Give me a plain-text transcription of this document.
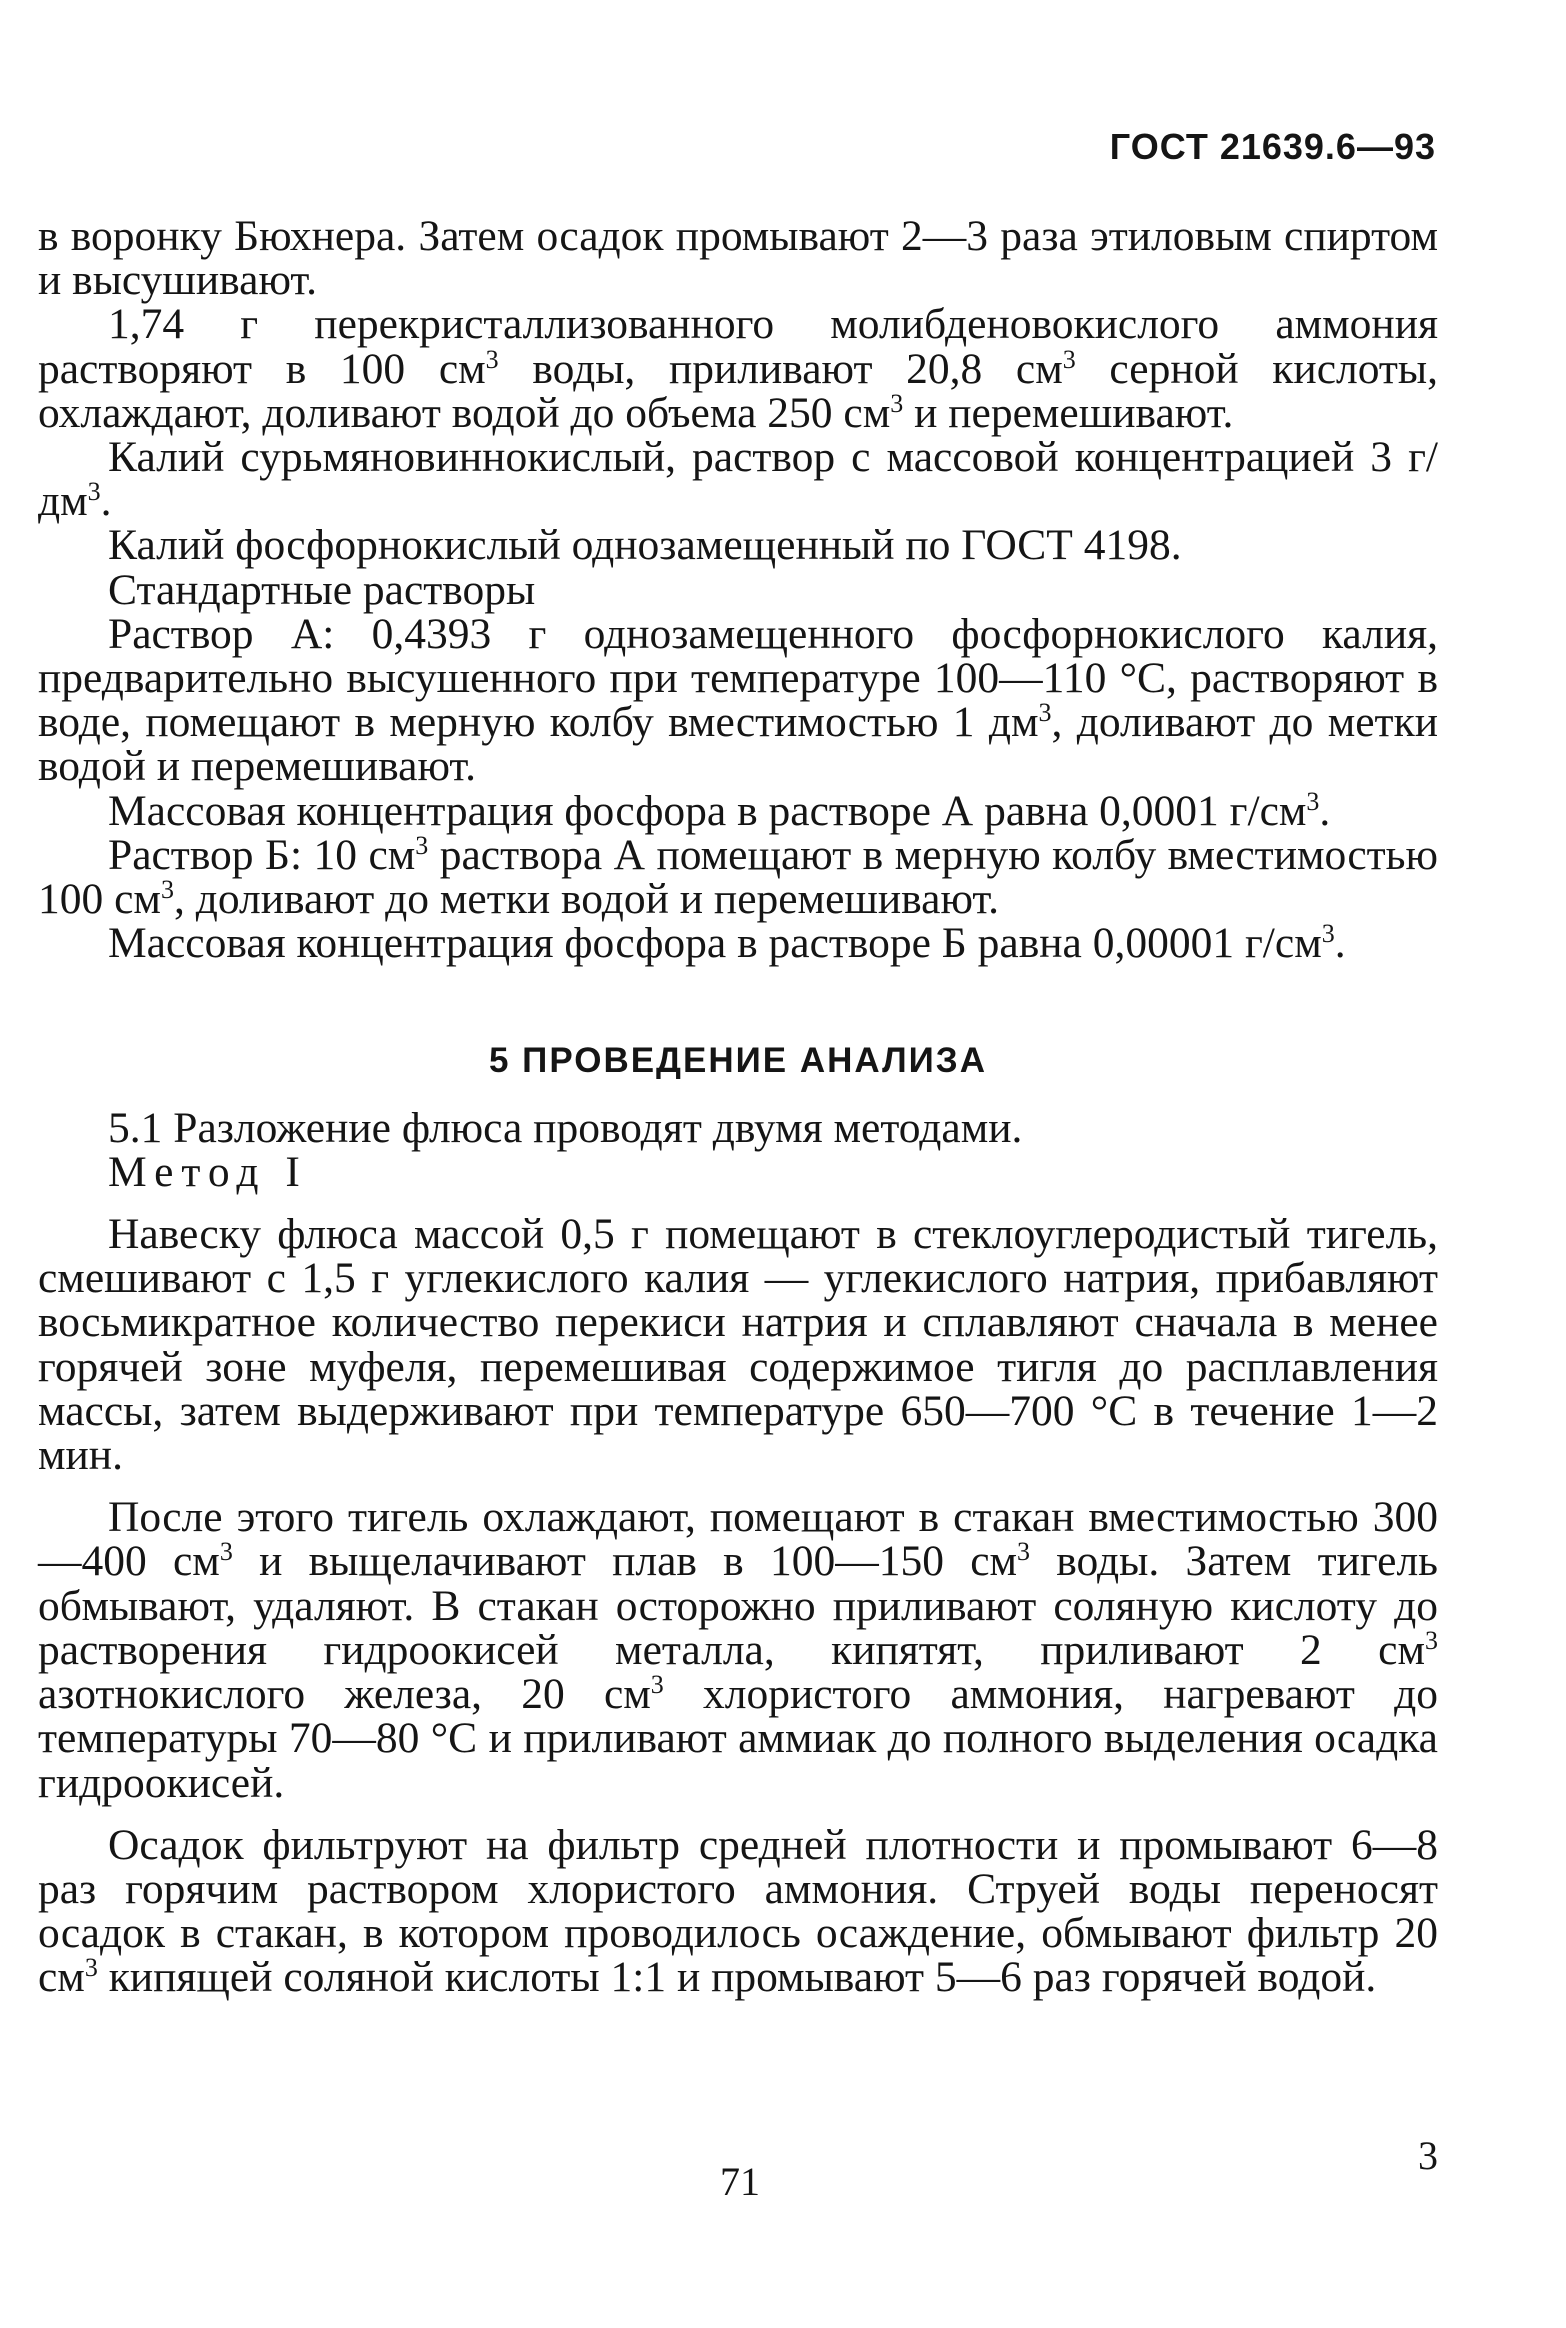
ГОСТ 21639.6—93

в воронку Бюхнера. Затем осадок промывают 2—3 раза этиловым спиртом и высушивают.

1,74 г перекристаллизованного молибденовокислого аммония растворяют в 100 $см^3$ воды, приливают 20,8 $см^3$ серной кислоты, охлаждают, доливают водой до объема 250 $см^3$ и перемешивают.

Калий сурьмяновиннокислый, раствор с массовой концентрацией 3 $г/дм^3$.

Калий фосфорнокислый однозамещенный по ГОСТ 4198.

Стандартные растворы

Раствор А: 0,4393 г однозамещенного фосфорнокислого калия, предварительно высушенного при температуре 100—110 °С, растворяют в воде, помещают в мерную колбу вместимостью 1 $дм^3$, доливают до метки водой и перемешивают.

Массовая концентрация фосфора в растворе А равна 0,0001 $г/см^3$.

Раствор Б: 10 $см^3$ раствора А помещают в мерную колбу вместимостью 100 $см^3$, доливают до метки водой и перемешивают.

Массовая концентрация фосфора в растворе Б равна 0,00001 $г/см^3$.

5 ПРОВЕДЕНИЕ АНАЛИЗА

5.1 Разложение флюса проводят двумя методами.

Метод I

Навеску флюса массой 0,5 г помещают в стеклоуглеродистый тигель, смешивают с 1,5 г углекислого калия — углекислого натрия, прибавляют восьмикратное количество перекиси натрия и сплавляют сначала в менее горячей зоне муфеля, перемешивая содержимое тигля до расплавления массы, затем выдерживают при температуре 650—700 °С в течение 1—2 мин.

После этого тигель охлаждают, помещают в стакан вместимостью 300—400 $см^3$ и выщелачивают плав в 100—150 $см^3$ воды. Затем тигель обмывают, удаляют. В стакан осторожно приливают соляную кислоту до растворения гидроокисей металла, кипятят, приливают 2 $см^3$ азотнокислого железа, 20 $см^3$ хлористого аммония, нагревают до температуры 70—80 °С и приливают аммиак до полного выделения осадка гидроокисей.

Осадок фильтруют на фильтр средней плотности и промывают 6—8 раз горячим раствором хлористого аммония. Струей воды переносят осадок в стакан, в котором проводилось осаждение, обмывают фильтр 20 $см^3$ кипящей соляной кислоты 1:1 и промывают 5—6 раз горячей водой.

71
3
